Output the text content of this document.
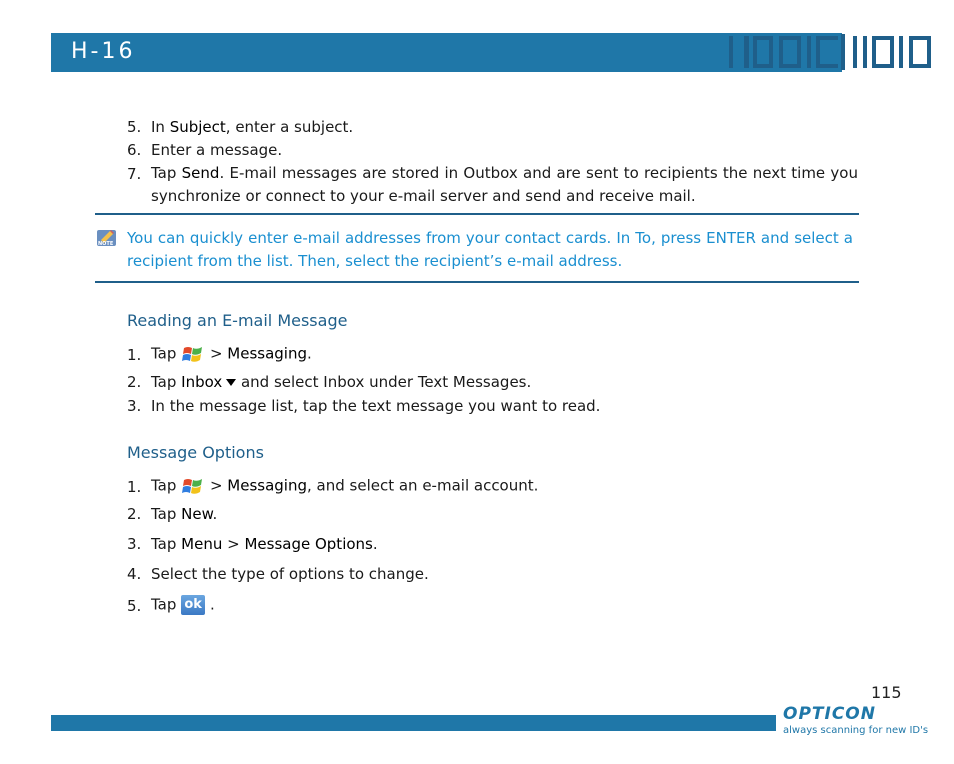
H-16
5. In Subject, enter a subject.
6. Enter a message.
7. Tap Send. E-mail messages are stored in Outbox and are sent to recipients the next time you synchronize or connect to your e-mail server and send and receive mail.
NOTE You can quickly enter e-mail addresses from your contact cards. In To, press ENTER and select a recipient from the list. Then, select the recipient’s e-mail address.
Reading an E-mail Message
1. Tap  > Messaging.
2. Tap Inbox and select Inbox under Text Messages.
3. In the message list, tap the text message you want to read.
Message Options
1. Tap  > Messaging, and select an e-mail account.
2. Tap New.
3. Tap Menu > Message Options.
4. Select the type of options to change.
5. Tap ok .
115
OPTICON
always scanning for new ID's
